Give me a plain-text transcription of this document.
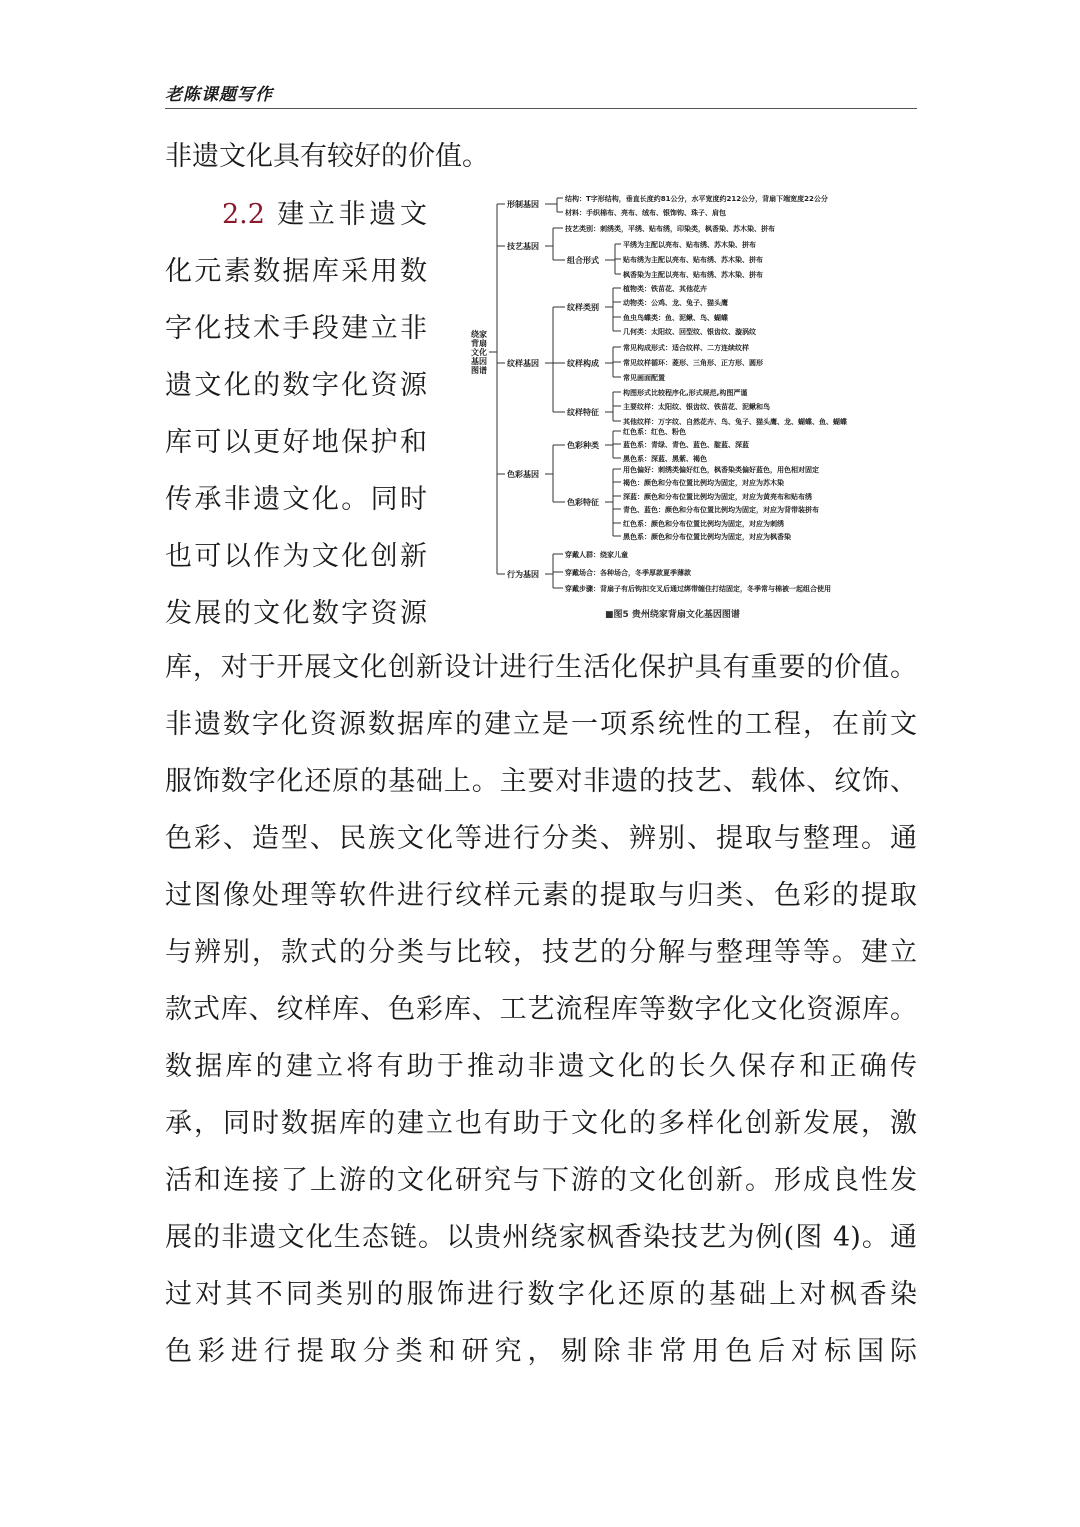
老陈课题写作
非遗文化具有较好的价值。
2.2 建立非遗文
化元素数据库采用数
字化技术手段建立非
遗文化的数字化资源
库可以更好地保护和
传承非遗文化。同时
也可以作为文化创新
发展的文化数字资源
库，对于开展文化创新设计进行生活化保护具有重要的价值。
非遗数字化资源数据库的建立是一项系统性的工程，在前文
服饰数字化还原的基础上。主要对非遗的技艺、载体、纹饰、
色彩、造型、民族文化等进行分类、辨别、提取与整理。通
过图像处理等软件进行纹样元素的提取与归类、色彩的提取
与辨别，款式的分类与比较，技艺的分解与整理等等。建立
款式库、纹样库、色彩库、工艺流程库等数字化文化资源库。
数据库的建立将有助于推动非遗文化的长久保存和正确传
承，同时数据库的建立也有助于文化的多样化创新发展，激
活和连接了上游的文化研究与下游的文化创新。形成良性发
展的非遗文化生态链。以贵州绕家枫香染技艺为例(图 4)。通
过对其不同类别的服饰进行数字化还原的基础上对枫香染
色彩进行提取分类和研究，剔除非常用色后对标国际
绕家背扇文化基因图谱
形制基因
技艺基因
纹样基因
色彩基因
行为基因
组合形式
纹样类别
纹样构成
纹样特征
色彩种类
色彩特征
结构：T字形结构，垂直长度约81公分，水平宽度约212公分，背扇下端宽度22公分
材料：手织棉布、亮布、绒布、银饰钩、珠子、肩包
技艺类别：刺绣类，平绣、贴布绣，印染类，枫香染、苏木染、拼布
平绣为主配以亮布、贴布绣、苏木染、拼布
贴布绣为主配以亮布、贴布绣、苏木染、拼布
枫香染为主配以亮布、贴布绣、苏木染、拼布
植物类：铁苗花、其他花卉
动物类：公鸡、龙、兔子、猫头鹰
鱼虫鸟蝶类：鱼、泥鳅、鸟、蝴蝶
几何类：太阳纹、回型纹、银齿纹、漩涡纹
常见构成形式：适合纹样、二方连续纹样
常见纹样循环：菱形、三角形、正方形、圆形
常见画面配置
构图形式比较程序化,形式规范,构图严谨
主要纹样：太阳纹、银齿纹、铁苗花、泥鳅和鸟
其他纹样：万字纹、自然花卉、鸟、兔子、猫头鹰、龙、蝴蝶、鱼、蝴蝶
红色系：红色、粉色
蓝色系：青绿、青色、蓝色、靛蓝、深蓝
黑色系：深蓝、黑紫、褐色
用色偏好：刺绣类偏好红色，枫香染类偏好蓝色，用色相对固定
褐色：颜色和分布位置比例均为固定，对应为苏木染
深蓝：颜色和分布位置比例均为固定，对应为黄亮布和贴布绣
青色、蓝色：颜色和分布位置比例均为固定，对应为背带装拼布
红色系：颜色和分布位置比例均为固定，对应为刺绣
黑色系：颜色和分布位置比例均为固定，对应为枫香染
穿戴人群：绕家儿童
穿戴场合：各种场合，冬季厚款夏季薄款
穿戴步骤：背扇子有后钩扣交叉后通过绑带缠住打结固定，冬季常与棉被一起组合使用
■图5 贵州绕家背扇文化基因图谱
